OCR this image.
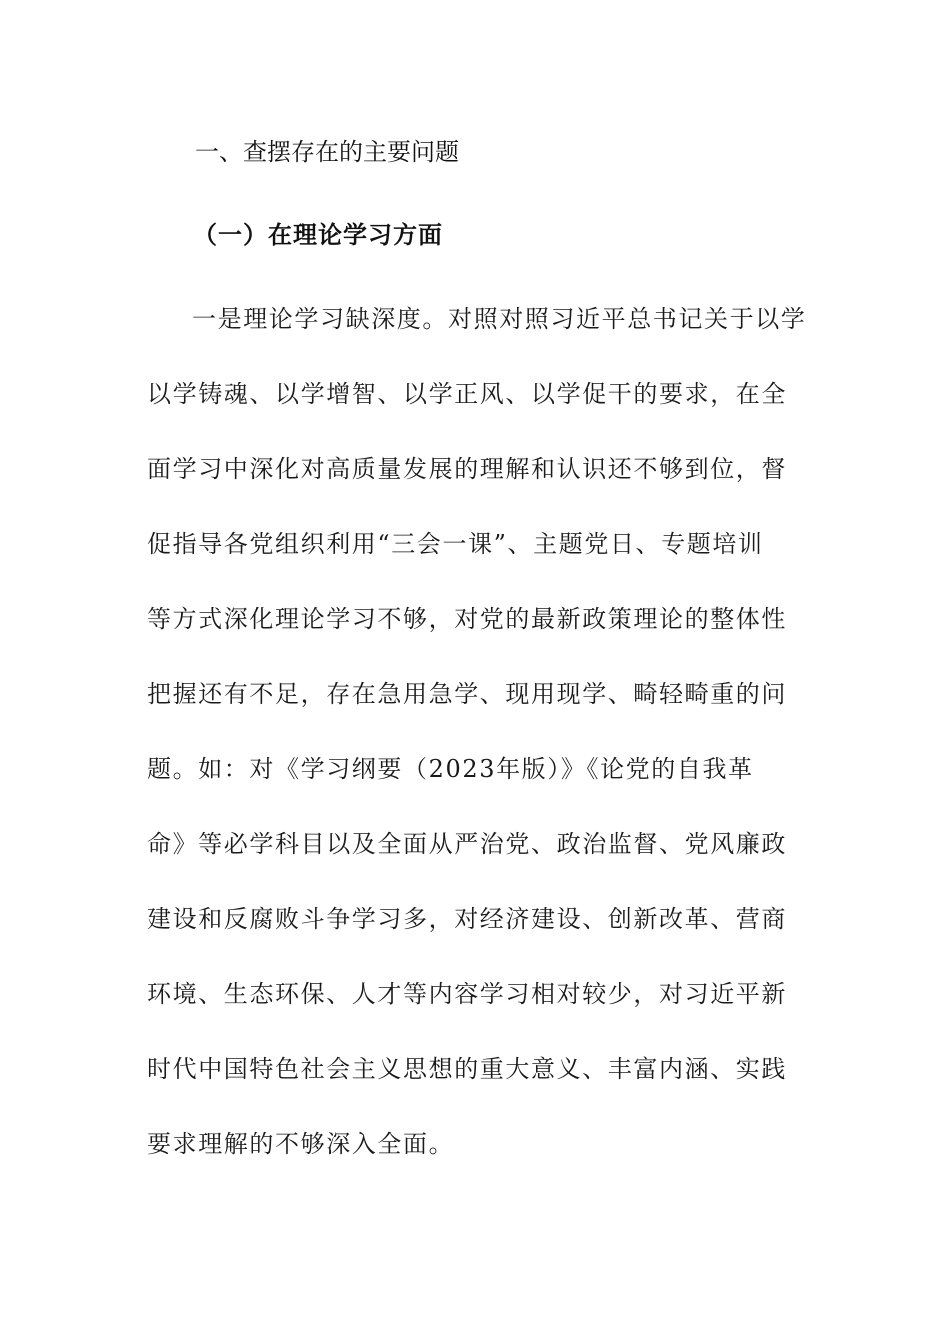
一、查摆存在的主要问题
（一）在理论学习方面
一是理论学习缺深度。对照对照习近平总书记关于以学
以学铸魂、以学增智、以学正风、以学促干的要求，在全
面学习中深化对高质量发展的理解和认识还不够到位，督
促指导各党组织利用“三会一课”、主题党日、专题培训
等方式深化理论学习不够，对党的最新政策理论的整体性
把握还有不足，存在急用急学、现用现学、畸轻畸重的问
题。如：对《学习纲要（2023年版）》《论党的自我革
命》等必学科目以及全面从严治党、政治监督、党风廉政
建设和反腐败斗争学习多，对经济建设、创新改革、营商
环境、生态环保、人才等内容学习相对较少，对习近平新
时代中国特色社会主义思想的重大意义、丰富内涵、实践
要求理解的不够深入全面。
